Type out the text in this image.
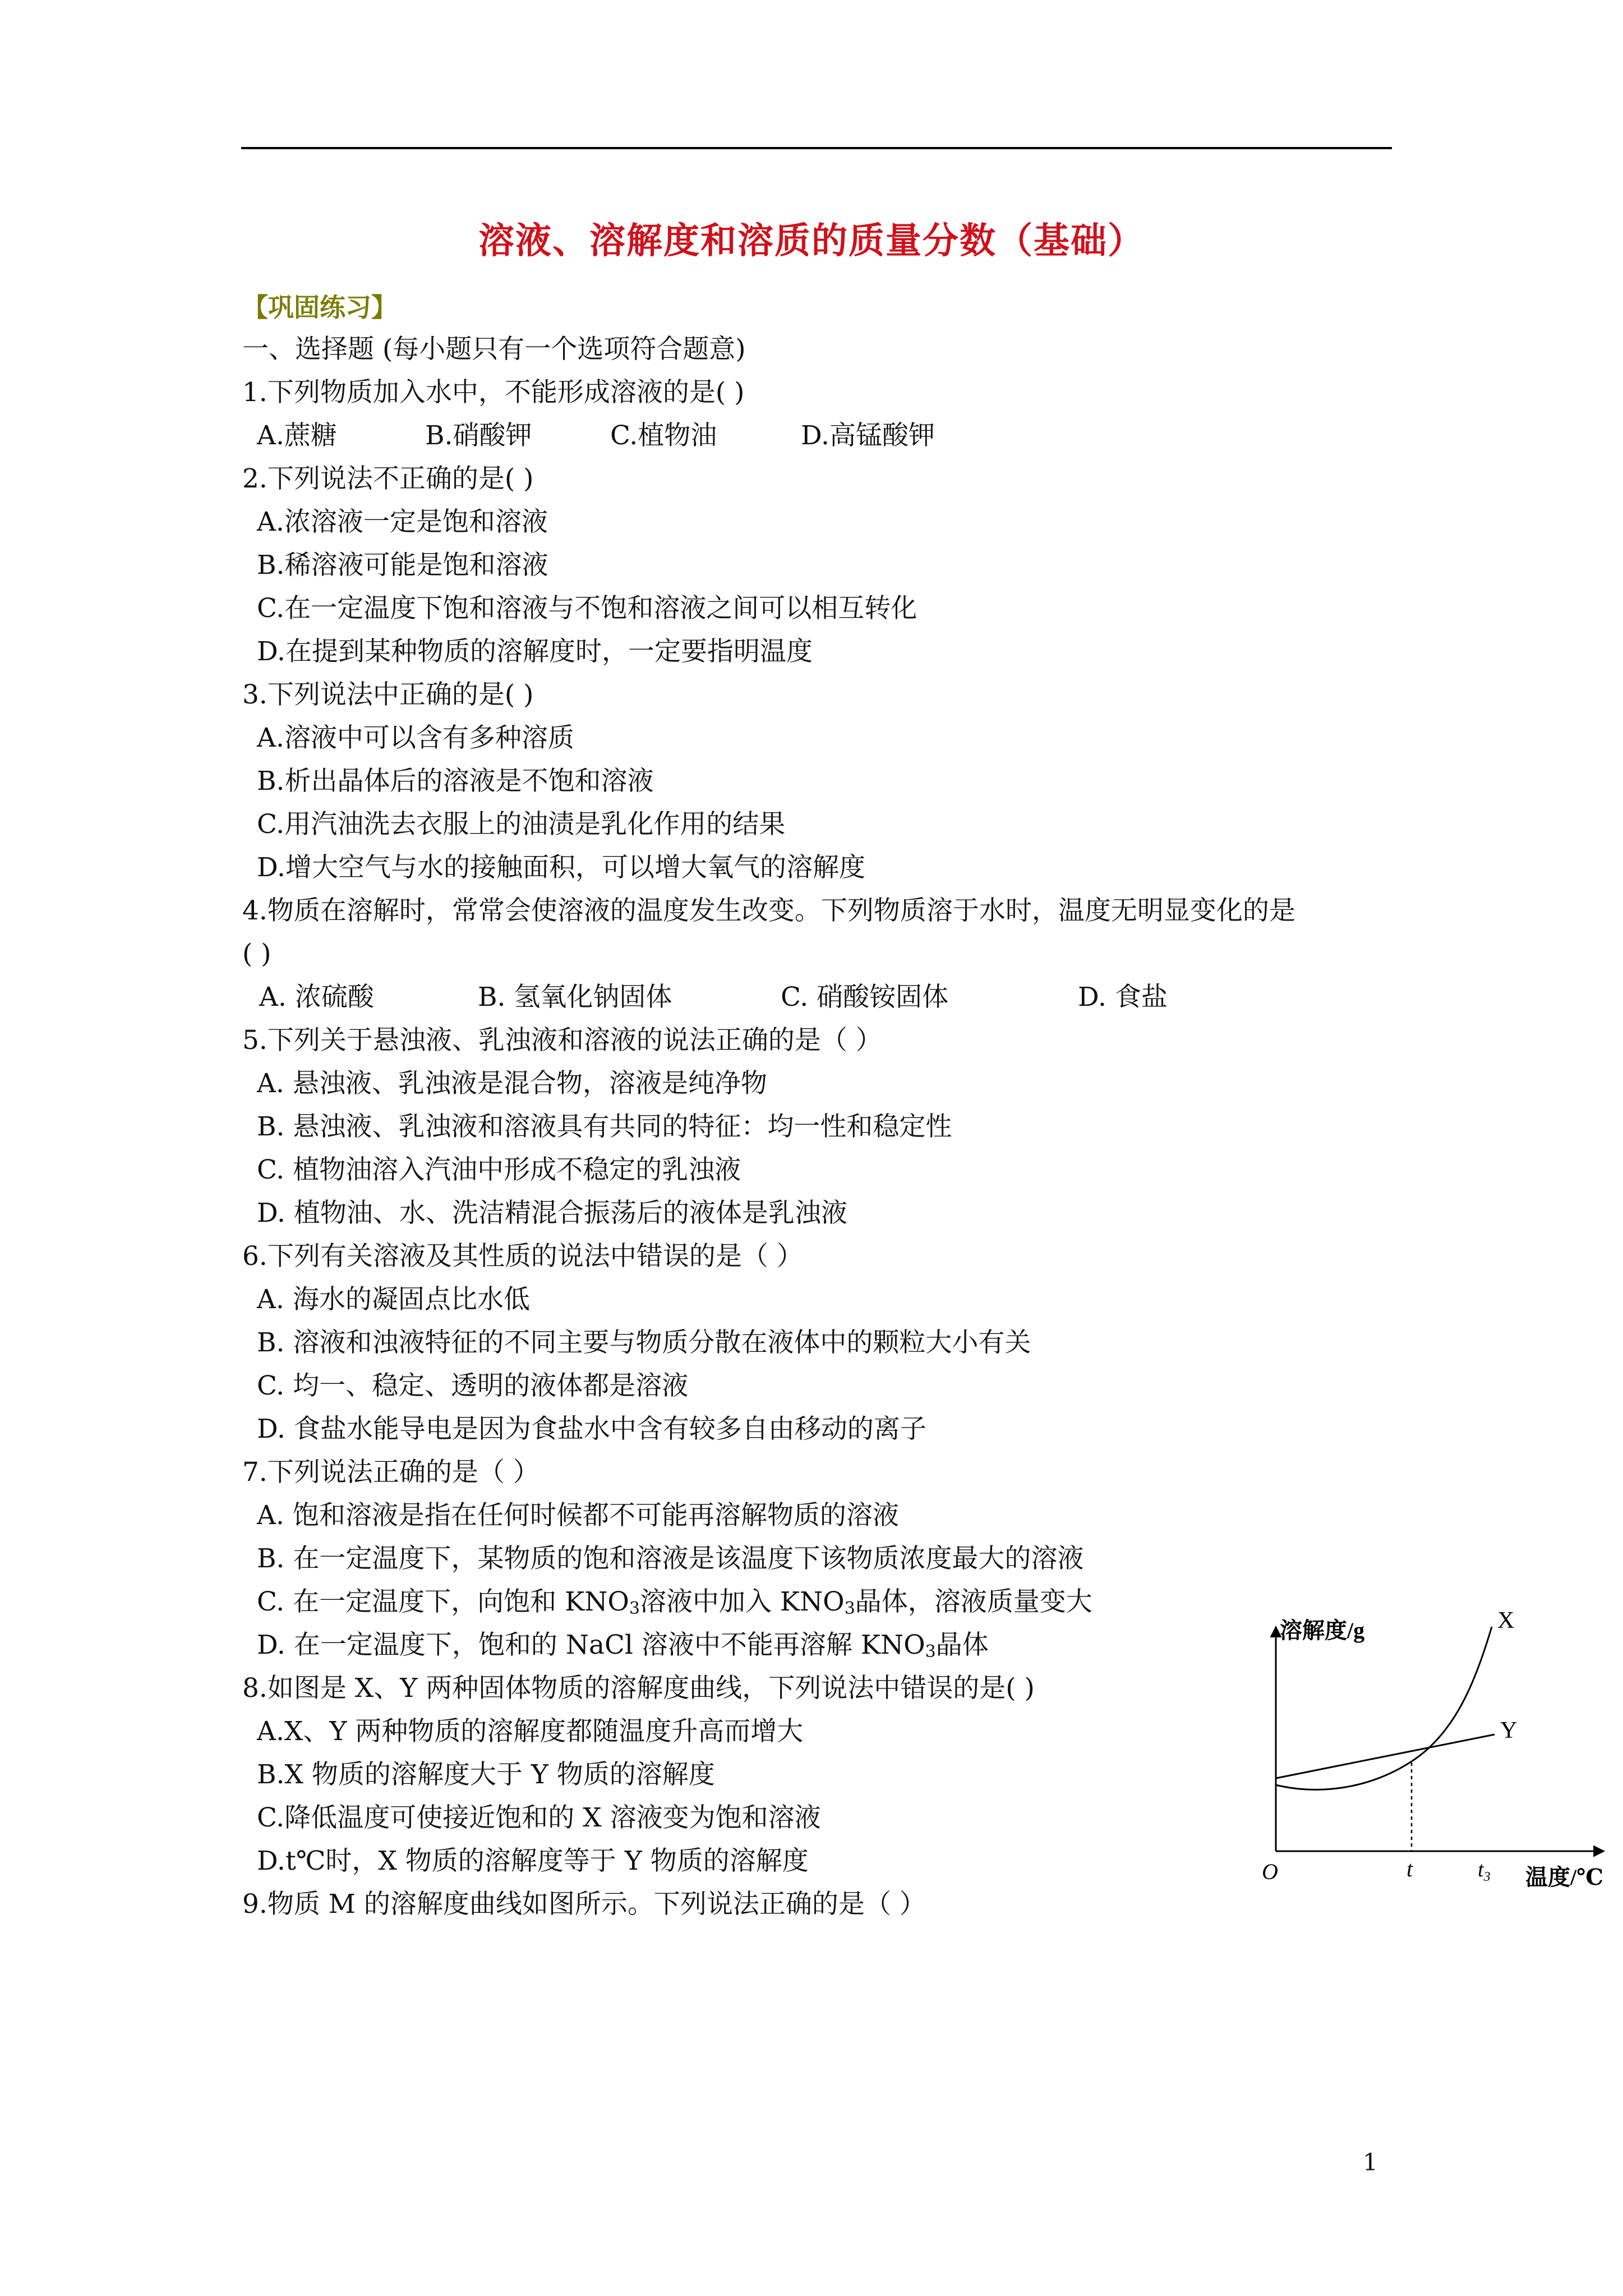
溶液、溶解度和溶质的质量分数（基础）
【巩固练习】
一、选择题 (每小题只有一个选项符合题意)
1.下列物质加入水中，不能形成溶液的是( )
A.蔗糖	B.硝酸钾	C.植物油	D.高锰酸钾
2.下列说法不正确的是( )
A.浓溶液一定是饱和溶液
B.稀溶液可能是饱和溶液
C.在一定温度下饱和溶液与不饱和溶液之间可以相互转化
D.在提到某种物质的溶解度时，一定要指明温度
3.下列说法中正确的是( )
A.溶液中可以含有多种溶质
B.析出晶体后的溶液是不饱和溶液
C.用汽油洗去衣服上的油渍是乳化作用的结果
D.增大空气与水的接触面积，可以增大氧气的溶解度
4.物质在溶解时，常常会使溶液的温度发生改变。下列物质溶于水时，温度无明显变化的是
( )
A. 浓硫酸	B. 氢氧化钠固体	C. 硝酸铵固体	D. 食盐
5.下列关于悬浊液、乳浊液和溶液的说法正确的是（ ）
A. 悬浊液、乳浊液是混合物，溶液是纯净物
B. 悬浊液、乳浊液和溶液具有共同的特征：均一性和稳定性
C. 植物油溶入汽油中形成不稳定的乳浊液
D. 植物油、水、洗洁精混合振荡后的液体是乳浊液
6.下列有关溶液及其性质的说法中错误的是（ ）
A. 海水的凝固点比水低
B. 溶液和浊液特征的不同主要与物质分散在液体中的颗粒大小有关
C. 均一、稳定、透明的液体都是溶液
D. 食盐水能导电是因为食盐水中含有较多自由移动的离子
7.下列说法正确的是（ ）
A. 饱和溶液是指在任何时候都不可能再溶解物质的溶液
B. 在一定温度下，某物质的饱和溶液是该温度下该物质浓度最大的溶液
C. 在一定温度下，向饱和 $KNO_3$溶液中加入 $KNO_3$晶体，溶液质量变大
D. 在一定温度下，饱和的 NaCl 溶液中不能再溶解 $KNO_3$晶体
8.如图是 X、Y 两种固体物质的溶解度曲线，下列说法中错误的是( )
A.X、Y 两种物质的溶解度都随温度升高而增大
B.X 物质的溶解度大于 Y 物质的溶解度
C.降低温度可使接近饱和的 X 溶液变为饱和溶液
D.t℃时，X 物质的溶解度等于 Y 物质的溶解度
9.物质 M 的溶解度曲线如图所示。下列说法正确的是（ ）
溶解度/g
温度/℃
O	t	$t_3$
X
Y
1
